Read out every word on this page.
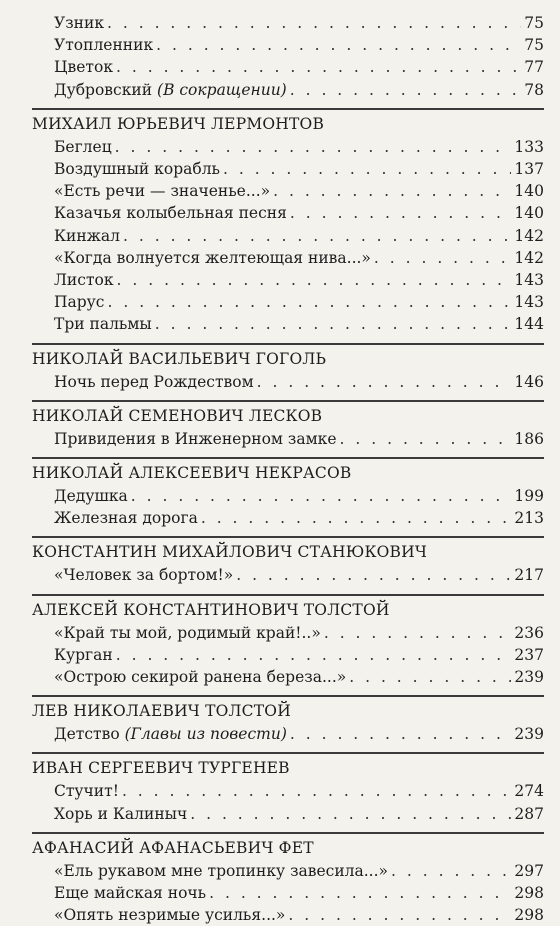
Узник . . .	75
Утопленник . . .	75
Цветок . . .	77
Дубровский (В сокращении) . . .	78
МИХАИЛ ЮРЬЕВИЧ ЛЕРМОНТОВ
Беглец . . .	133
Воздушный корабль . . .	137
«Есть речи — значенье...» . . .	140
Казачья колыбельная песня . . .	140
Кинжал . . .	142
«Когда волнуется желтеющая нива...» . . .	142
Листок . . .	143
Парус . . .	143
Три пальмы . . .	144
НИКОЛАЙ ВАСИЛЬЕВИЧ ГОГОЛЬ
Ночь перед Рождеством . . .	146
НИКОЛАЙ СЕМЕНОВИЧ ЛЕСКОВ
Привидения в Инженерном замке . . .	186
НИКОЛАЙ АЛЕКСЕЕВИЧ НЕКРАСОВ
Дедушка . . .	199
Железная дорога . . .	213
КОНСТАНТИН МИХАЙЛОВИЧ СТАНЮКОВИЧ
«Человек за бортом!» . . .	217
АЛЕКСЕЙ КОНСТАНТИНОВИЧ ТОЛСТОЙ
«Край ты мой, родимый край!..» . . .	236
Курган . . .	237
«Острою секирой ранена береза...» . . .	239
ЛЕВ НИКОЛАЕВИЧ ТОЛСТОЙ
Детство (Главы из повести) . . .	239
ИВАН СЕРГЕЕВИЧ ТУРГЕНЕВ
Стучит! . . .	274
Хорь и Калиныч . . .	287
АФАНАСИЙ АФАНАСЬЕВИЧ ФЕТ
«Ель рукавом мне тропинку завесила...» . . .	297
Еще майская ночь . . .	298
«Опять незримые усилья...» . . .	298
